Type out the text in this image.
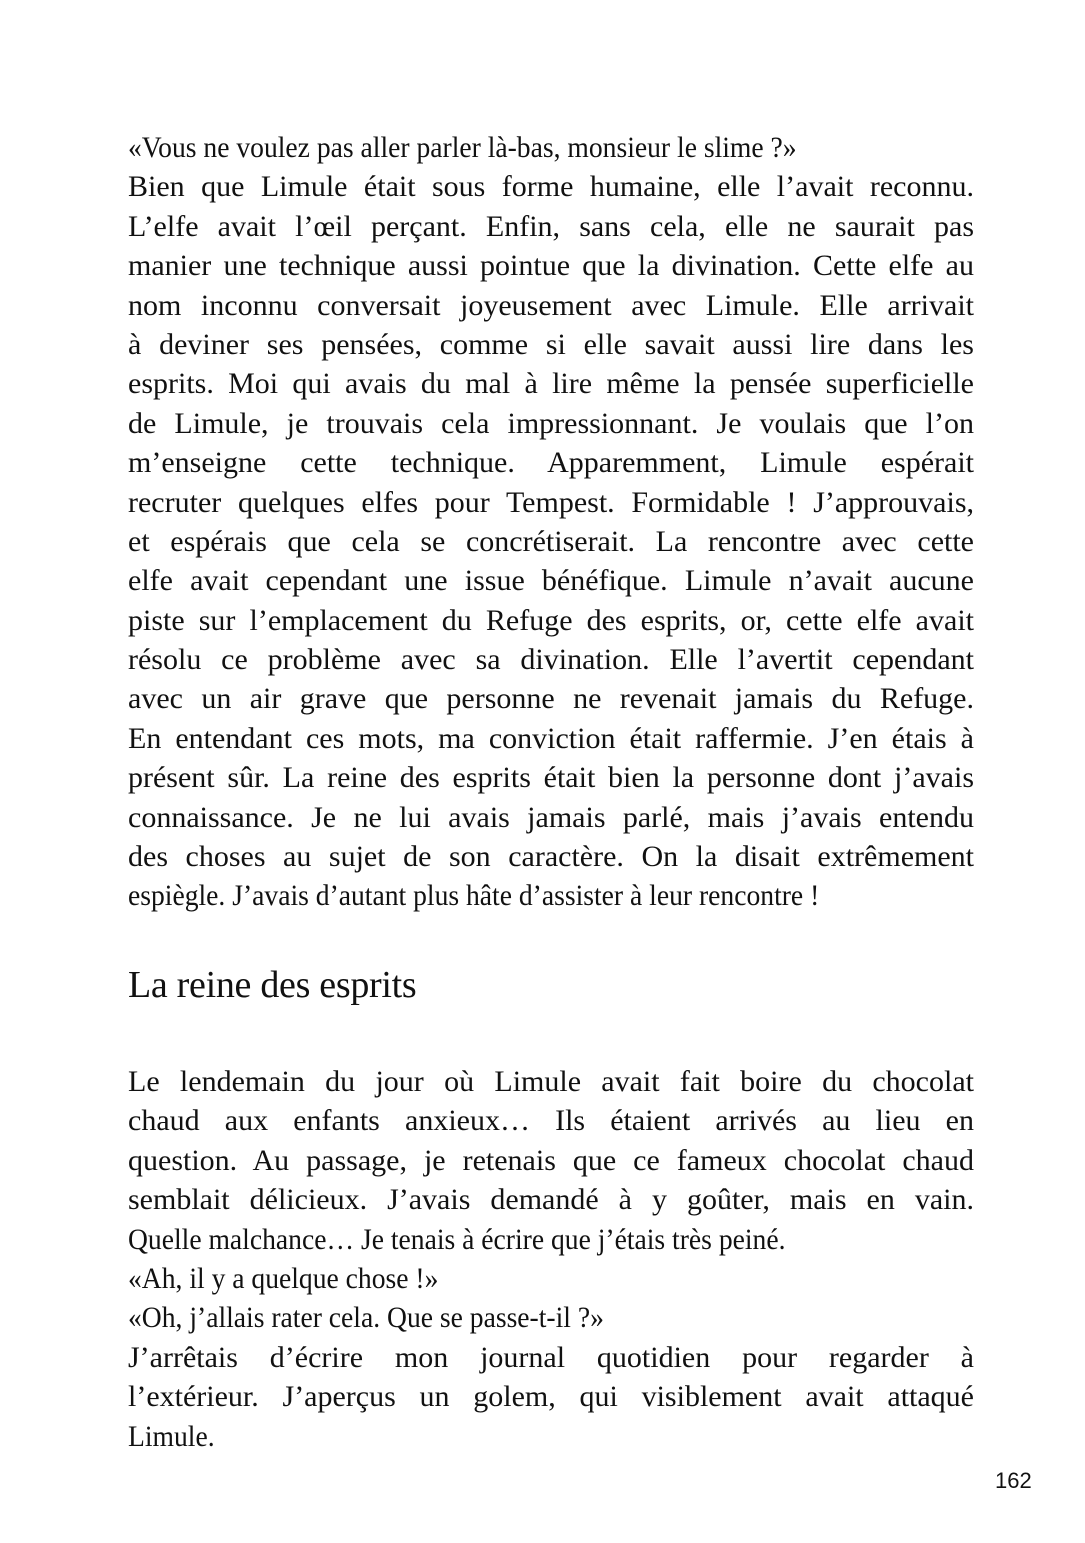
«Vous ne voulez pas aller parler là-bas, monsieur le slime ?»
Bien que Limule était sous forme humaine, elle l’avait reconnu.
L’elfe avait l’œil perçant. Enfin, sans cela, elle ne saurait pas
manier une technique aussi pointue que la divination. Cette elfe au
nom inconnu conversait joyeusement avec Limule. Elle arrivait
à deviner ses pensées, comme si elle savait aussi lire dans les
esprits. Moi qui avais du mal à lire même la pensée superficielle
de Limule, je trouvais cela impressionnant. Je voulais que l’on
m’enseigne cette technique. Apparemment, Limule espérait
recruter quelques elfes pour Tempest. Formidable ! J’approuvais,
et espérais que cela se concrétiserait. La rencontre avec cette
elfe avait cependant une issue bénéfique. Limule n’avait aucune
piste sur l’emplacement du Refuge des esprits, or, cette elfe avait
résolu ce problème avec sa divination. Elle l’avertit cependant
avec un air grave que personne ne revenait jamais du Refuge.
En entendant ces mots, ma conviction était raffermie. J’en étais à
présent sûr. La reine des esprits était bien la personne dont j’avais
connaissance. Je ne lui avais jamais parlé, mais j’avais entendu
des choses au sujet de son caractère. On la disait extrêmement
espiègle. J’avais d’autant plus hâte d’assister à leur rencontre !
La reine des esprits
Le lendemain du jour où Limule avait fait boire du chocolat
chaud aux enfants anxieux… Ils étaient arrivés au lieu en
question. Au passage, je retenais que ce fameux chocolat chaud
semblait délicieux. J’avais demandé à y goûter, mais en vain.
Quelle malchance… Je tenais à écrire que j’étais très peiné.
«Ah, il y a quelque chose !»
«Oh, j’allais rater cela. Que se passe-t-il ?»
J’arrêtais d’écrire mon journal quotidien pour regarder à
l’extérieur. J’aperçus un golem, qui visiblement avait attaqué
Limule.
162
